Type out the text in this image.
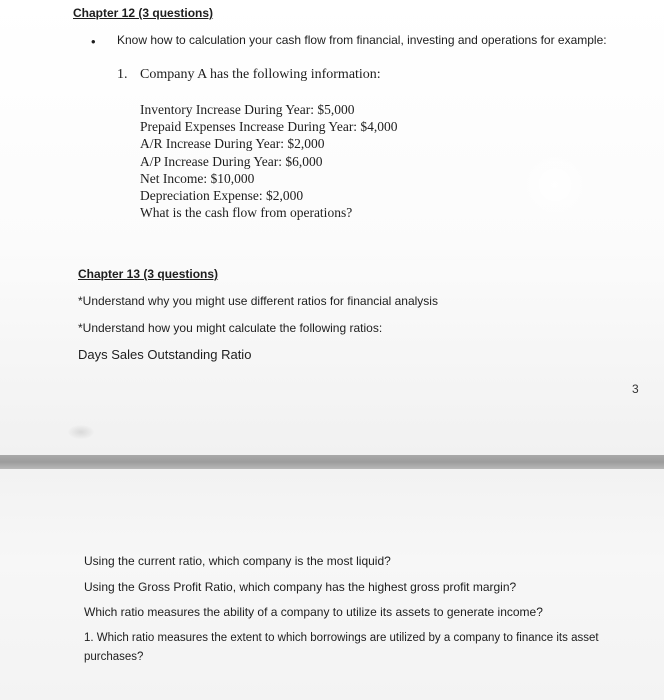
Chapter 12 (3 questions)
• Know how to calculation your cash flow from financial, investing and operations for example:
1. Company A has the following information:
Inventory Increase During Year: $5,000
Prepaid Expenses Increase During Year: $4,000
A/R Increase During Year: $2,000
A/P Increase During Year: $6,000
Net Income: $10,000
Depreciation Expense: $2,000
What is the cash flow from operations?
Chapter 13 (3 questions)
*Understand why you might use different ratios for financial analysis
*Understand how you might calculate the following ratios:
Days Sales Outstanding Ratio
3
Using the current ratio, which company is the most liquid?
Using the Gross Profit Ratio, which company has the highest gross profit margin?
Which ratio measures the ability of a company to utilize its assets to generate income?
1. Which ratio measures the extent to which borrowings are utilized by a company to finance its asset purchases?
